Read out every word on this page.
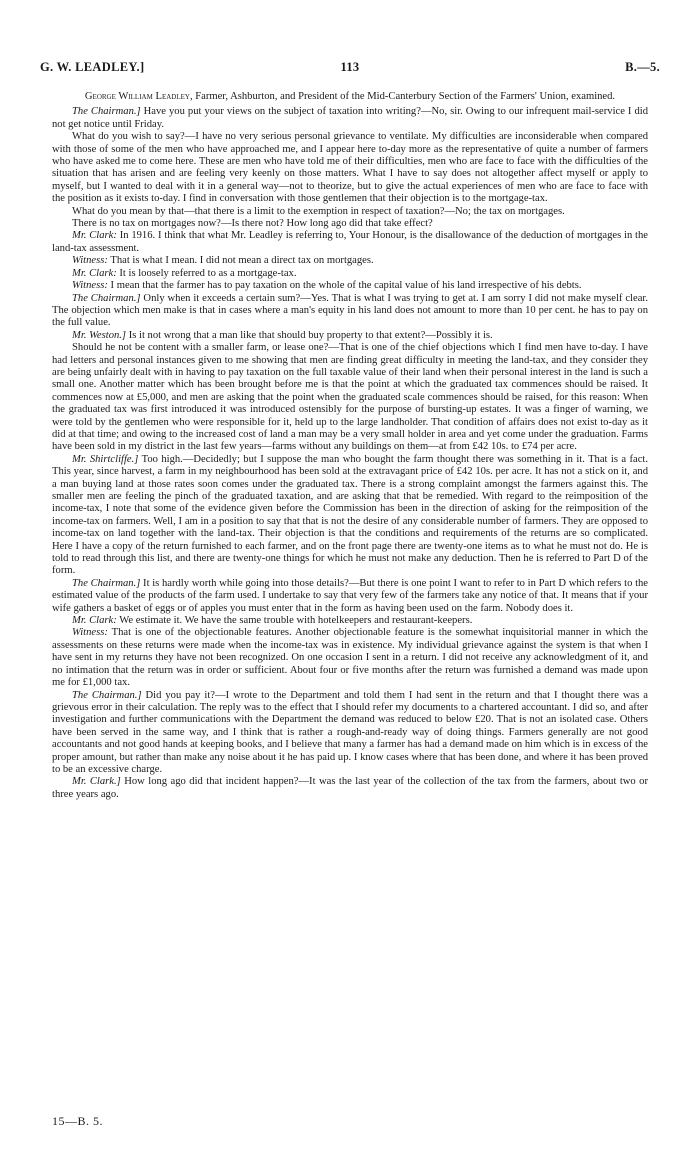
G. W. LEADLEY.]	113	B.—5.

George William Leadley, Farmer, Ashburton, and President of the Mid-Canterbury Section of the Farmers' Union, examined.

The Chairman.] Have you put your views on the subject of taxation into writing?—No, sir. Owing to our infrequent mail-service I did not get notice until Friday.

What do you wish to say?—I have no very serious personal grievance to ventilate. My difficulties are inconsiderable when compared with those of some of the men who have approached me, and I appear here to-day more as the representative of quite a number of farmers who have asked me to come here. These are men who have told me of their difficulties, men who are face to face with the difficulties of the situation that has arisen and are feeling very keenly on those matters. What I have to say does not altogether affect myself or apply to myself, but I wanted to deal with it in a general way—not to theorize, but to give the actual experiences of men who are face to face with the position as it exists to-day. I find in conversation with those gentlemen that their objection is to the mortgage-tax.

What do you mean by that—that there is a limit to the exemption in respect of taxation?—No; the tax on mortgages.

There is no tax on mortgages now?—Is there not? How long ago did that take effect?

Mr. Clark: In 1916. I think that what Mr. Leadley is referring to, Your Honour, is the disallowance of the deduction of mortgages in the land-tax assessment.

Witness: That is what I mean. I did not mean a direct tax on mortgages.

Mr. Clark: It is loosely referred to as a mortgage-tax.

Witness: I mean that the farmer has to pay taxation on the whole of the capital value of his land irrespective of his debts.

The Chairman.] Only when it exceeds a certain sum?—Yes. That is what I was trying to get at. I am sorry I did not make myself clear. The objection which men make is that in cases where a man's equity in his land does not amount to more than 10 per cent. he has to pay on the full value.

Mr. Weston.] Is it not wrong that a man like that should buy property to that extent?—Possibly it is.

Should he not be content with a smaller farm, or lease one?—That is one of the chief objections which I find men have to-day. I have had letters and personal instances given to me showing that men are finding great difficulty in meeting the land-tax, and they consider they are being unfairly dealt with in having to pay taxation on the full taxable value of their land when their personal interest in the land is such a small one. Another matter which has been brought before me is that the point at which the graduated tax commences should be raised. It commences now at £5,000, and men are asking that the point when the graduated scale commences should be raised, for this reason: When the graduated tax was first introduced it was introduced ostensibly for the purpose of bursting-up estates. It was a finger of warning, we were told by the gentlemen who were responsible for it, held up to the large landholder. That condition of affairs does not exist to-day as it did at that time; and owing to the increased cost of land a man may be a very small holder in area and yet come under the graduation. Farms have been sold in my district in the last few years—farms without any buildings on them—at from £42 10s. to £74 per acre.

Mr. Shirtcliffe.] Too high.—Decidedly; but I suppose the man who bought the farm thought there was something in it. That is a fact. This year, since harvest, a farm in my neighbourhood has been sold at the extravagant price of £42 10s. per acre. It has not a stick on it, and a man buying land at those rates soon comes under the graduated tax. There is a strong complaint amongst the farmers against this. The smaller men are feeling the pinch of the graduated taxation, and are asking that that be remedied. With regard to the reimposition of the income-tax, I note that some of the evidence given before the Commission has been in the direction of asking for the reimposition of the income-tax on farmers. Well, I am in a position to say that that is not the desire of any considerable number of farmers. They are opposed to income-tax on land together with the land-tax. Their objection is that the conditions and requirements of the returns are so complicated. Here I have a copy of the return furnished to each farmer, and on the front page there are twenty-one items as to what he must not do. He is told to read through this list, and there are twenty-one things for which he must not make any deduction. Then he is referred to Part D of the form.

The Chairman.] It is hardly worth while going into those details?—But there is one point I want to refer to in Part D which refers to the estimated value of the products of the farm used. I undertake to say that very few of the farmers take any notice of that. It means that if your wife gathers a basket of eggs or of apples you must enter that in the form as having been used on the farm. Nobody does it.

Mr. Clark: We estimate it. We have the same trouble with hotelkeepers and restaurant-keepers.

Witness: That is one of the objectionable features. Another objectionable feature is the somewhat inquisitorial manner in which the assessments on these returns were made when the income-tax was in existence. My individual grievance against the system is that when I have sent in my returns they have not been recognized. On one occasion I sent in a return. I did not receive any acknowledgment of it, and no intimation that the return was in order or sufficient. About four or five months after the return was furnished a demand was made upon me for £1,000 tax.

The Chairman.] Did you pay it?—I wrote to the Department and told them I had sent in the return and that I thought there was a grievous error in their calculation. The reply was to the effect that I should refer my documents to a chartered accountant. I did so, and after investigation and further communications with the Department the demand was reduced to below £20. That is not an isolated case. Others have been served in the same way, and I think that is rather a rough-and-ready way of doing things. Farmers generally are not good accountants and not good hands at keeping books, and I believe that many a farmer has had a demand made on him which is in excess of the proper amount, but rather than make any noise about it he has paid up. I know cases where that has been done, and where it has been proved to be an excessive charge.

Mr. Clark.] How long ago did that incident happen?—It was the last year of the collection of the tax from the farmers, about two or three years ago.

15—B. 5.
